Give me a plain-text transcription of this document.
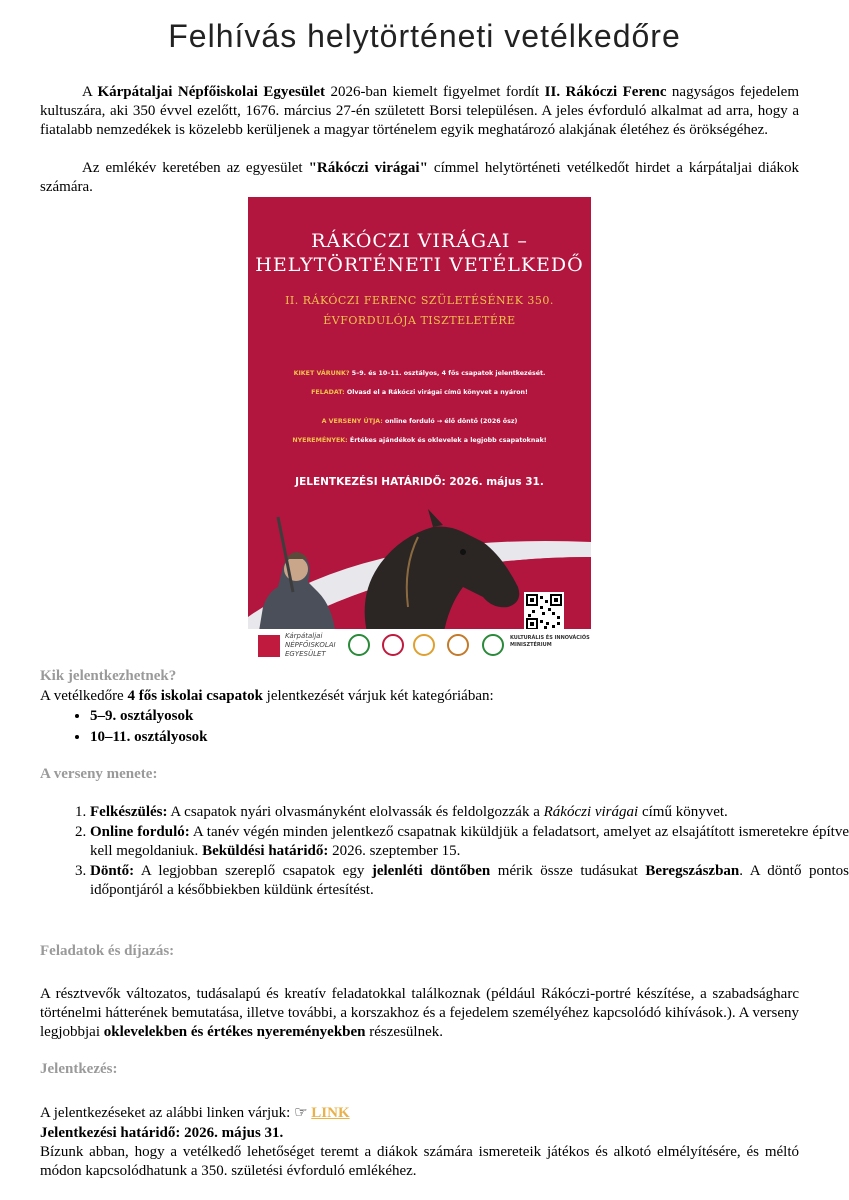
Felhívás helytörténeti vetélkedőre

A Kárpátaljai Népfőiskolai Egyesület 2026-ban kiemelt figyelmet fordít II. Rákóczi Ferenc nagyságos fejedelem kultuszára, aki 350 évvel ezelőtt, 1676. március 27-én született Borsi településen. A jeles évforduló alkalmat ad arra, hogy a fiatalabb nemzedékek is közelebb kerüljenek a magyar történelem egyik meghatározó alakjának életéhez és örökségéhez.

Az emlékév keretében az egyesület "Rákóczi virágai" címmel helytörténeti vetélkedőt hirdet a kárpátaljai diákok számára.

RÁKÓCZI VIRÁGAI –
HELYTÖRTÉNETI VETÉLKEDŐ
II. RÁKÓCZI FERENC SZÜLETÉSÉNEK 350.
ÉVFORDULÓJA TISZTELETÉRE
KIKET VÁRUNK? 5–9. és 10–11. osztályos, 4 fős csapatok jelentkezését.
FELADAT: Olvasd el a Rákóczi virágai című könyvet a nyáron!
A VERSENY ÚTJA: online forduló → élő döntő (2026 ősz)
NYEREMÉNYEK: Értékes ajándékok és oklevelek a legjobb csapatoknak!
JELENTKEZÉSI HATÁRIDŐ: 2026. május 31.
Kárpátaljai
NÉPFŐISKOLAI
EGYESÜLET
KULTURÁLIS ÉS INNOVÁCIÓS
MINISZTÉRIUM
Kik jelentkezhetnek?

A vetélkedőre 4 fős iskolai csapatok jelentkezését várjuk két kategóriában:

• 5–9. osztályosok
• 10–11. osztályosok
A verseny menete:
1. Felkészülés: A csapatok nyári olvasmányként elolvassák és feldolgozzák a Rákóczi virágai című könyvet.
2. Online forduló: A tanév végén minden jelentkező csapatnak kiküldjük a feladatsort, amelyet az elsajátított ismeretekre építve kell megoldaniuk. Beküldési határidő: 2026. szeptember 15.
3. Döntő: A legjobban szereplő csapatok egy jelenléti döntőben mérik össze tudásukat Beregszászban. A döntő pontos időpontjáról a későbbiekben küldünk értesítést.
Feladatok és díjazás:

A résztvevők változatos, tudásalapú és kreatív feladatokkal találkoznak (például Rákóczi-portré készítése, a szabadságharc történelmi hátterének bemutatása, illetve további, a korszakhoz és a fejedelem személyéhez kapcsolódó kihívások.). A verseny legjobbjai oklevelekben és értékes nyereményekben részesülnek.

Jelentkezés:

A jelentkezéseket az alábbi linken várjuk: ☞ LINK

Jelentkezési határidő: 2026. május 31.

Bízunk abban, hogy a vetélkedő lehetőséget teremt a diákok számára ismereteik játékos és alkotó elmélyítésére, és méltó módon kapcsolódhatunk a 350. születési évforduló emlékéhez.
